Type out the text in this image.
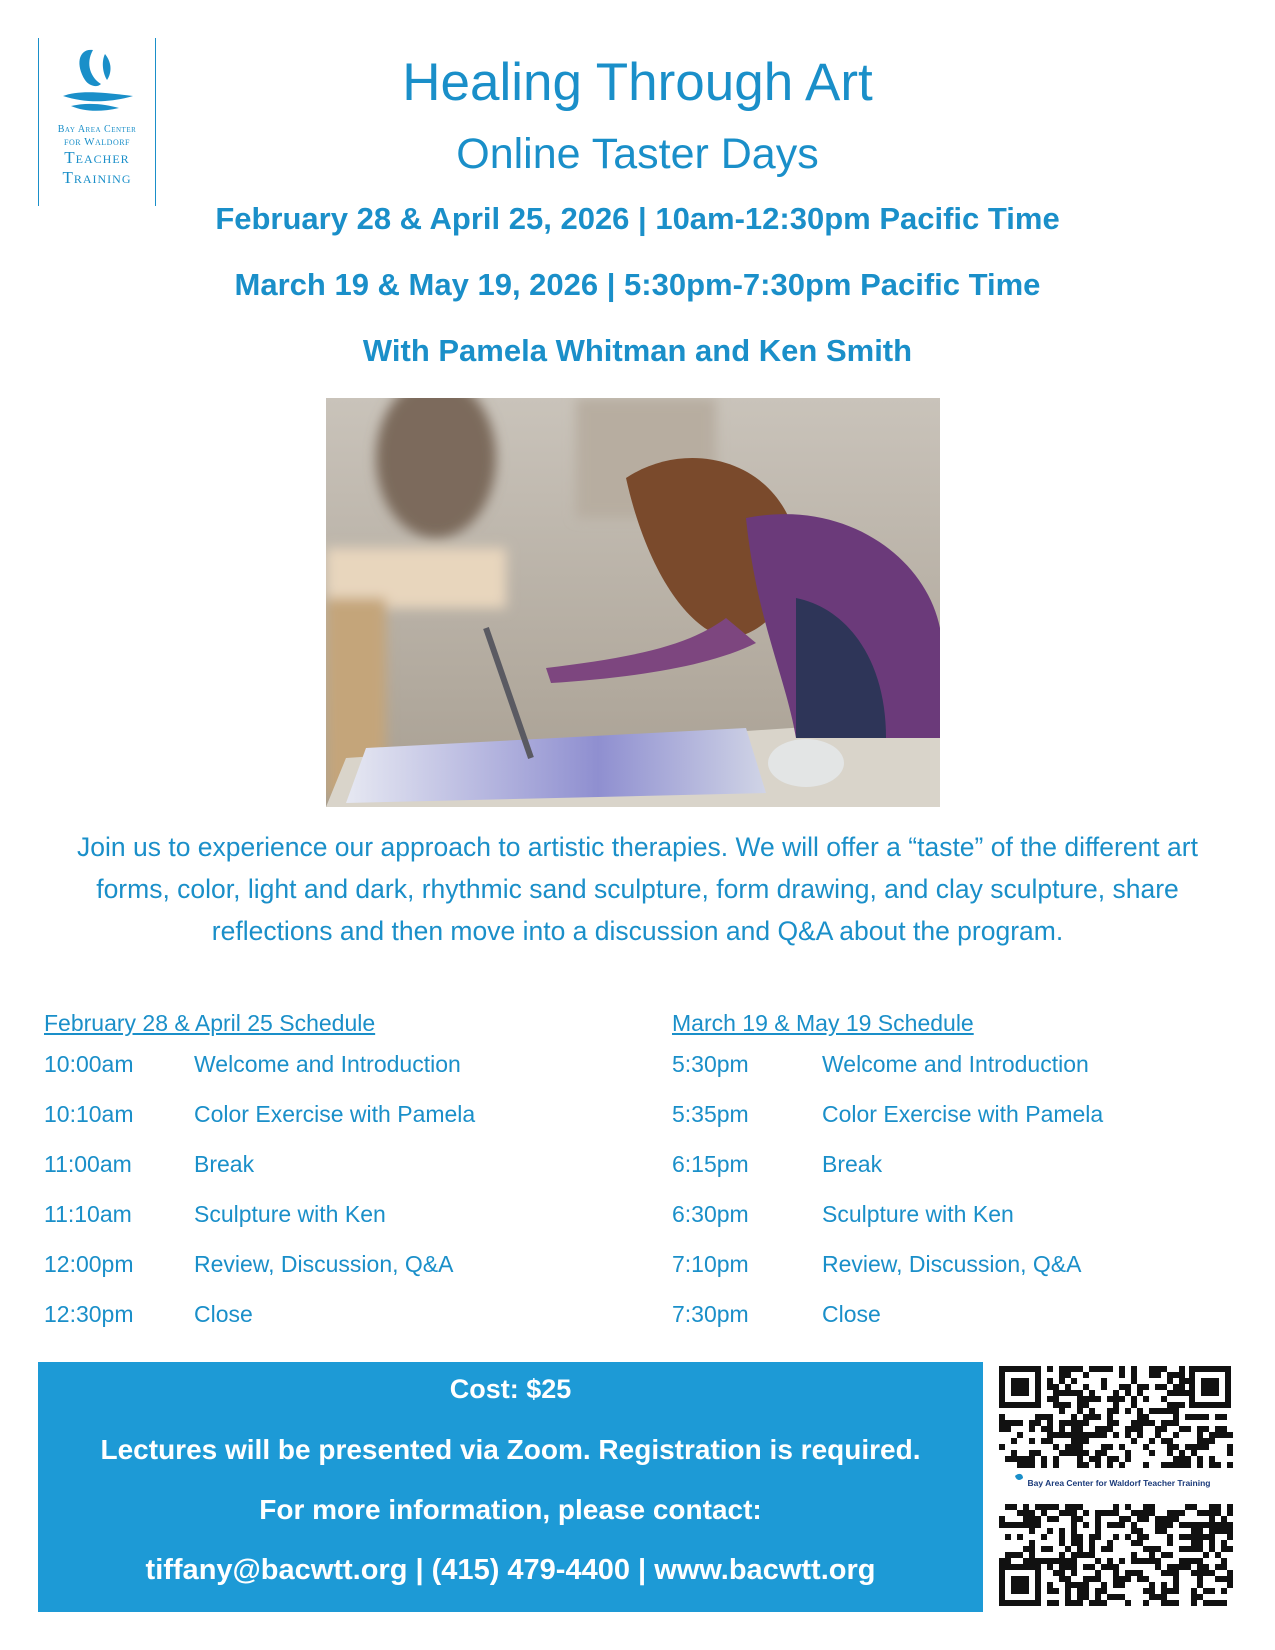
Bay Area Center
for Waldorf
Teacher
Training
Healing Through Art
Online Taster Days
February 28 & April 25, 2026 | 10am-12:30pm Pacific Time
March 19 & May 19, 2026 | 5:30pm-7:30pm Pacific Time
With Pamela Whitman and Ken Smith
Join us to experience our approach to artistic therapies. We will offer a “taste” of the different art forms, color, light and dark, rhythmic sand sculpture, form drawing, and clay sculpture, share reflections and then move into a discussion and Q&A about the program.
February 28 & April 25 Schedule
10:00am	Welcome and Introduction
10:10am	Color Exercise with Pamela
11:00am	Break
11:10am	Sculpture with Ken
12:00pm	Review, Discussion, Q&A
12:30pm	Close
March 19 & May 19 Schedule
5:30pm	Welcome and Introduction
5:35pm	Color Exercise with Pamela
6:15pm	Break
6:30pm	Sculpture with Ken
7:10pm	Review, Discussion, Q&A
7:30pm	Close
Cost: $25
Lectures will be presented via Zoom. Registration is required.
For more information, please contact:
tiffany@bacwtt.org | (415) 479-4400 | www.bacwtt.org
Bay Area Center for Waldorf Teacher Training
